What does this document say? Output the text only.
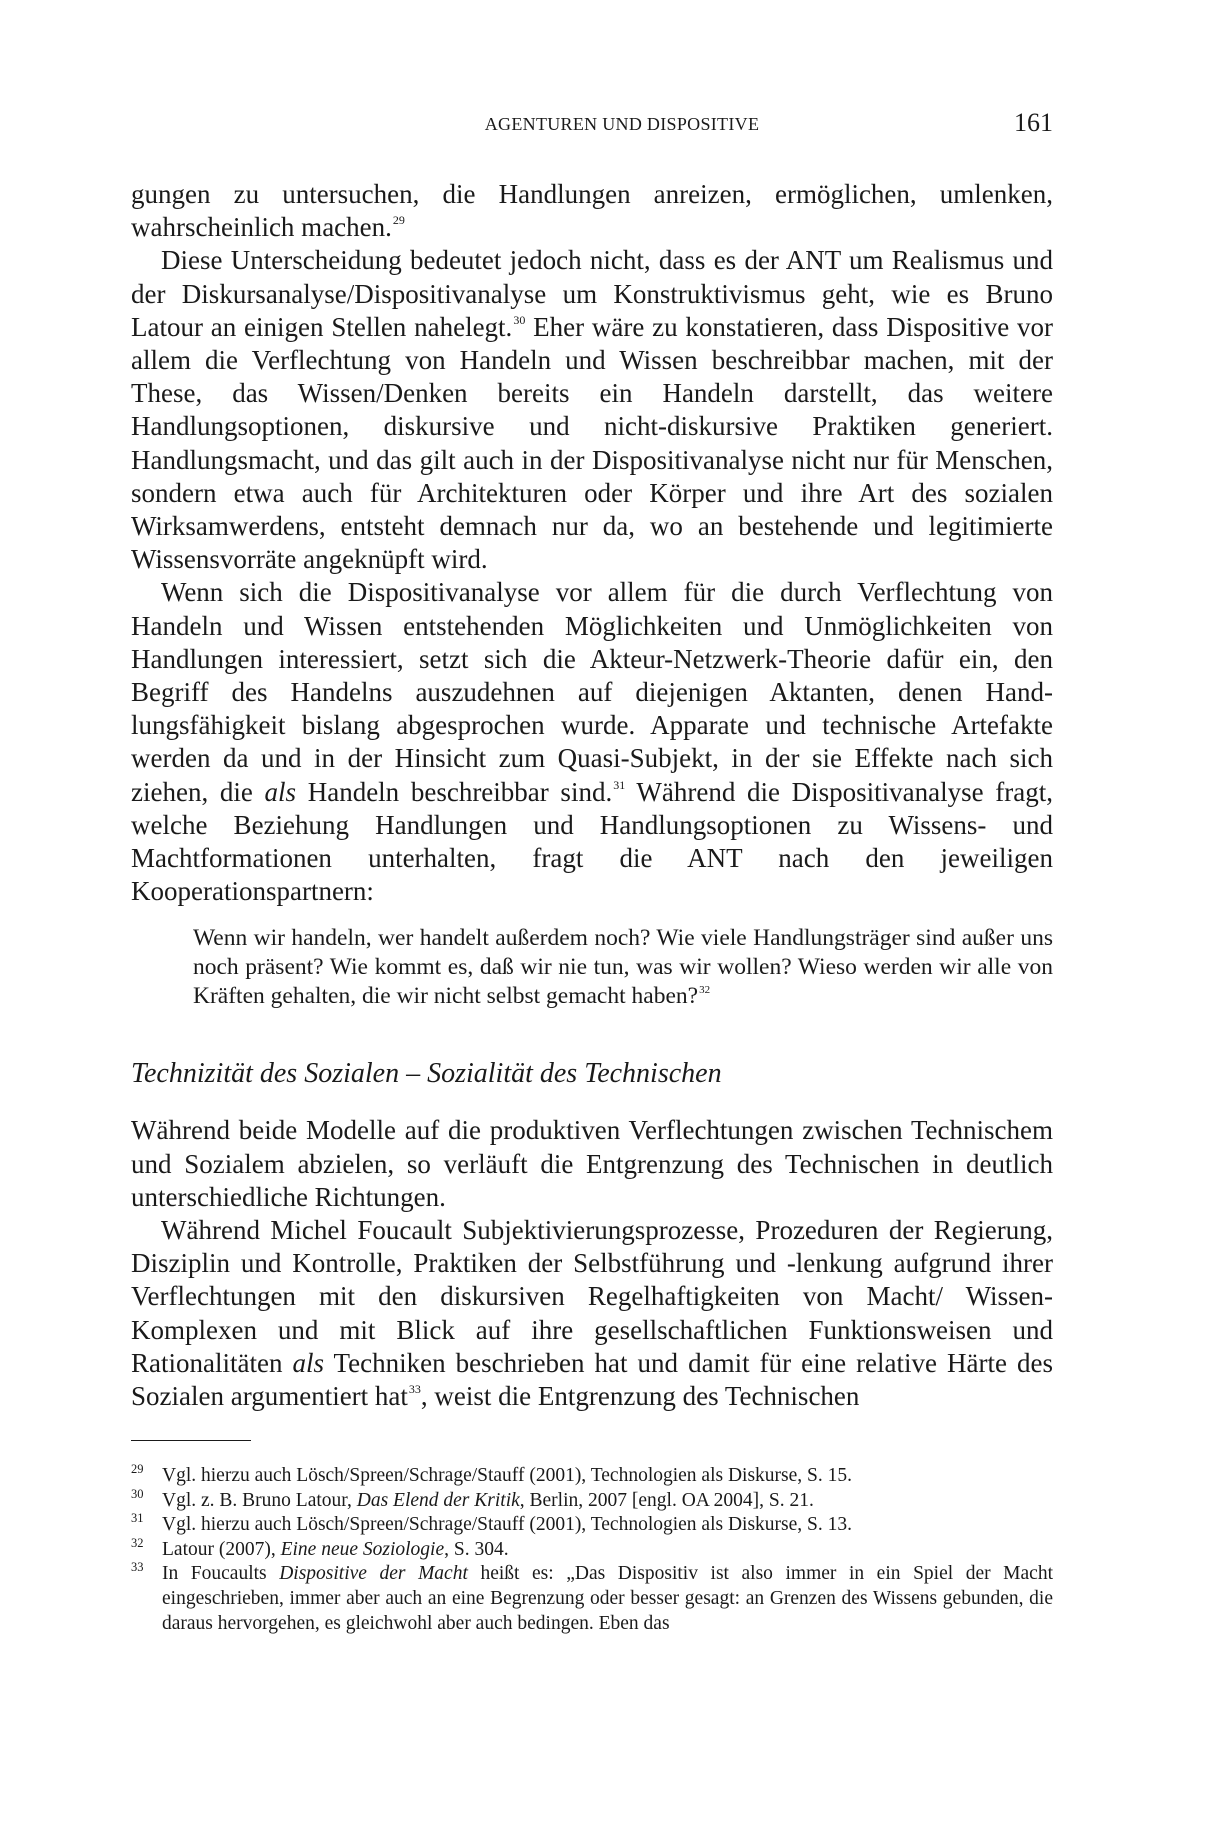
AGENTUREN UND DISPOSITIVE	161

gungen zu untersuchen, die Handlungen anreizen, ermöglichen, umlenken, wahrscheinlich machen.$^{29}$

Diese Unterscheidung bedeutet jedoch nicht, dass es der ANT um Realismus und der Diskursanalyse/Dispositivanalyse um Konstruktivismus geht, wie es Bruno Latour an einigen Stellen nahelegt.$^{30}$ Eher wäre zu konstatieren, dass Dispositive vor allem die Verflechtung von Handeln und Wissen beschreibbar machen, mit der These, das Wissen/Denken bereits ein Handeln darstellt, das weitere Handlungsoptionen, diskursive und nicht-diskursive Praktiken generiert. Handlungsmacht, und das gilt auch in der Dispositivanalyse nicht nur für Menschen, sondern etwa auch für Architekturen oder Körper und ihre Art des sozialen Wirksamwerdens, entsteht demnach nur da, wo an bestehende und legitimierte Wissensvorräte angeknüpft wird.

Wenn sich die Dispositivanalyse vor allem für die durch Verflechtung von Handeln und Wissen entstehenden Möglichkeiten und Unmöglichkeiten von Handlungen interessiert, setzt sich die Akteur-Netzwerk-Theorie dafür ein, den Begriff des Handelns auszudehnen auf diejenigen Aktanten, denen Handlungsfähigkeit bislang abgesprochen wurde. Apparate und technische Artefakte werden da und in der Hinsicht zum Quasi-Subjekt, in der sie Effekte nach sich ziehen, die als Handeln beschreibbar sind.$^{31}$ Während die Dispositivanalyse fragt, welche Beziehung Handlungen und Handlungsoptionen zu Wissens- und Machtformationen unterhalten, fragt die ANT nach den jeweiligen Kooperationspartnern:

Wenn wir handeln, wer handelt außerdem noch? Wie viele Handlungsträger sind außer uns noch präsent? Wie kommt es, daß wir nie tun, was wir wollen? Wieso werden wir alle von Kräften gehalten, die wir nicht selbst gemacht haben?$^{32}$

Technizität des Sozialen – Sozialität des Technischen

Während beide Modelle auf die produktiven Verflechtungen zwischen Technischem und Sozialem abzielen, so verläuft die Entgrenzung des Technischen in deutlich unterschiedliche Richtungen.

Während Michel Foucault Subjektivierungsprozesse, Prozeduren der Regierung, Disziplin und Kontrolle, Praktiken der Selbstführung und -lenkung aufgrund ihrer Verflechtungen mit den diskursiven Regelhaftigkeiten von Macht/ Wissen-Komplexen und mit Blick auf ihre gesellschaftlichen Funktionsweisen und Rationalitäten als Techniken beschrieben hat und damit für eine relative Härte des Sozialen argumentiert hat$^{33}$, weist die Entgrenzung des Technischen

29 Vgl. hierzu auch Lösch/Spreen/Schrage/Stauff (2001), Technologien als Diskurse, S. 15.
30 Vgl. z. B. Bruno Latour, Das Elend der Kritik, Berlin, 2007 [engl. OA 2004], S. 21.
31 Vgl. hierzu auch Lösch/Spreen/Schrage/Stauff (2001), Technologien als Diskurse, S. 13.
32 Latour (2007), Eine neue Soziologie, S. 304.
33 In Foucaults Dispositive der Macht heißt es: „Das Dispositiv ist also immer in ein Spiel der Macht eingeschrieben, immer aber auch an eine Begrenzung oder besser gesagt: an Grenzen des Wissens gebunden, die daraus hervorgehen, es gleichwohl aber auch bedingen. Eben das
